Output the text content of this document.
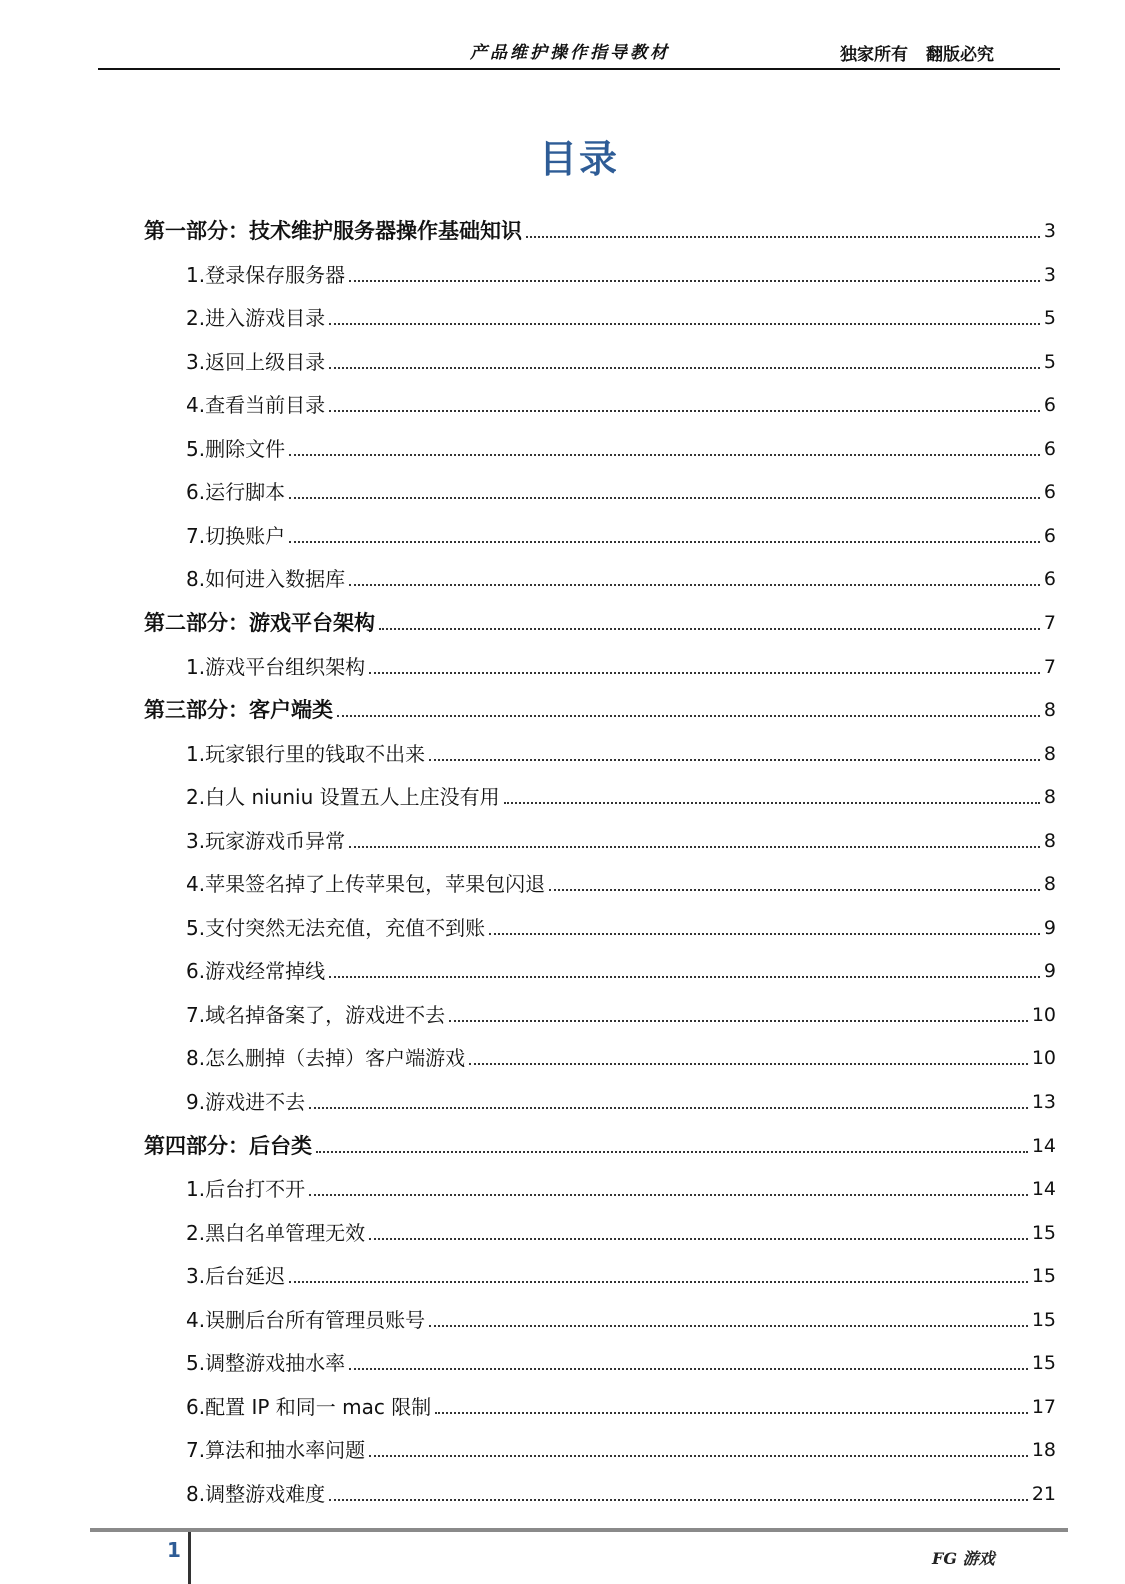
产品维护操作指导教材	独家所有 翻版必究
目录
第一部分：技术维护服务器操作基础知识	3
1.登录保存服务器	3
2.进入游戏目录	5
3.返回上级目录	5
4.查看当前目录	6
5.删除文件	6
6.运行脚本	6
7.切换账户	6
8.如何进入数据库	6
第二部分：游戏平台架构	7
1.游戏平台组织架构	7
第三部分：客户端类	8
1.玩家银行里的钱取不出来	8
2.白人 niuniu 设置五人上庄没有用	8
3.玩家游戏币异常	8
4.苹果签名掉了上传苹果包，苹果包闪退	8
5.支付突然无法充值，充值不到账	9
6.游戏经常掉线	9
7.域名掉备案了，游戏进不去	10
8.怎么删掉（去掉）客户端游戏	10
9.游戏进不去	13
第四部分：后台类	14
1.后台打不开	14
2.黑白名单管理无效	15
3.后台延迟	15
4.误删后台所有管理员账号	15
5.调整游戏抽水率	15
6.配置 IP 和同一 mac 限制	17
7.算法和抽水率问题	18
8.调整游戏难度	21
1	FG 游戏
